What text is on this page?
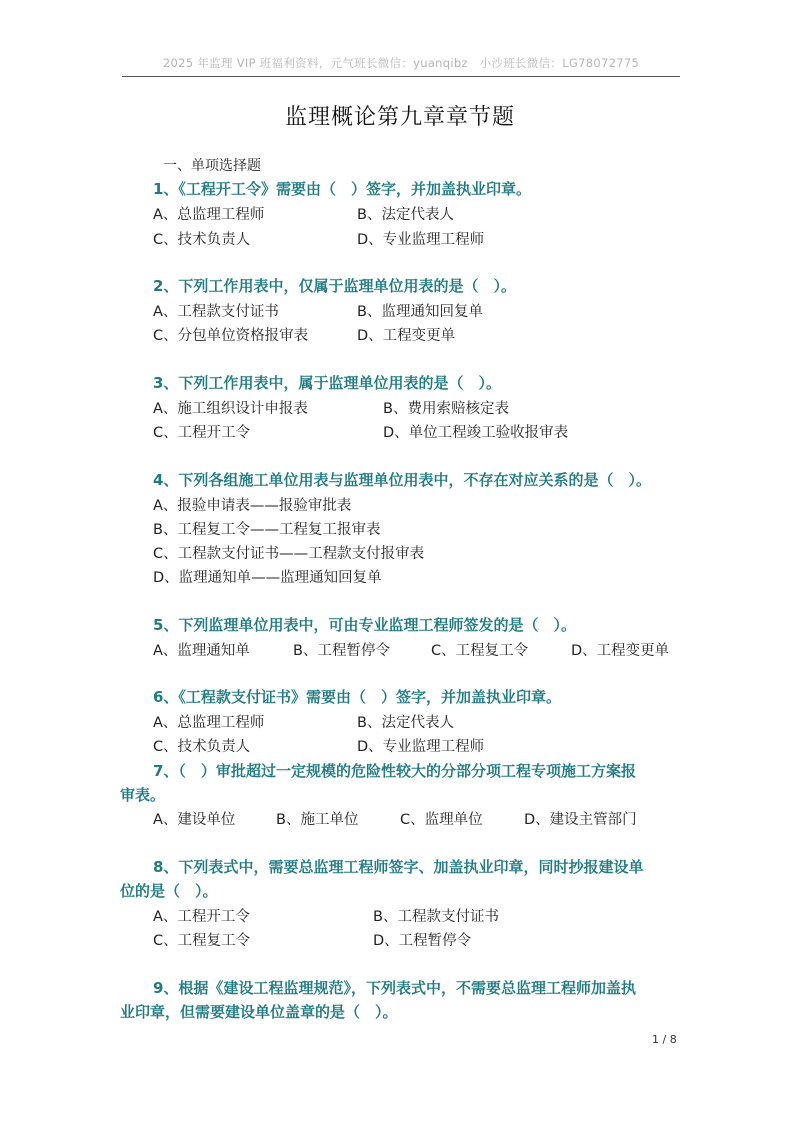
2025 年监理 VIP 班福利资料，元气班长微信：yuanqibz　小沙班长微信：LG78072775
监理概论第九章章节题
一、单项选择题
1、《工程开工令》需要由（　）签字，并加盖执业印章。
A、总监理工程师	B、法定代表人
C、技术负责人	D、专业监理工程师
2、下列工作用表中，仅属于监理单位用表的是（　）。
A、工程款支付证书	B、监理通知回复单
C、分包单位资格报审表	D、工程变更单
3、下列工作用表中，属于监理单位用表的是（　）。
A、施工组织设计申报表	B、费用索赔核定表
C、工程开工令	D、单位工程竣工验收报审表
4、下列各组施工单位用表与监理单位用表中，不存在对应关系的是（　）。
A、报验申请表——报验审批表
B、工程复工令——工程复工报审表
C、工程款支付证书——工程款支付报审表
D、监理通知单——监理通知回复单
5、下列监理单位用表中，可由专业监理工程师签发的是（　）。
A、监理通知单	B、工程暂停令	C、工程复工令	D、工程变更单
6、《工程款支付证书》需要由（　）签字，并加盖执业印章。
A、总监理工程师	B、法定代表人
C、技术负责人	D、专业监理工程师
7、（　）审批超过一定规模的危险性较大的分部分项工程专项施工方案报
审表。
A、建设单位	B、施工单位	C、监理单位	D、建设主管部门
8、下列表式中，需要总监理工程师签字、加盖执业印章，同时抄报建设单
位的是（　）。
A、工程开工令	B、工程款支付证书
C、工程复工令	D、工程暂停令
9、根据《建设工程监理规范》，下列表式中，不需要总监理工程师加盖执
业印章，但需要建设单位盖章的是（　）。
1 / 8
